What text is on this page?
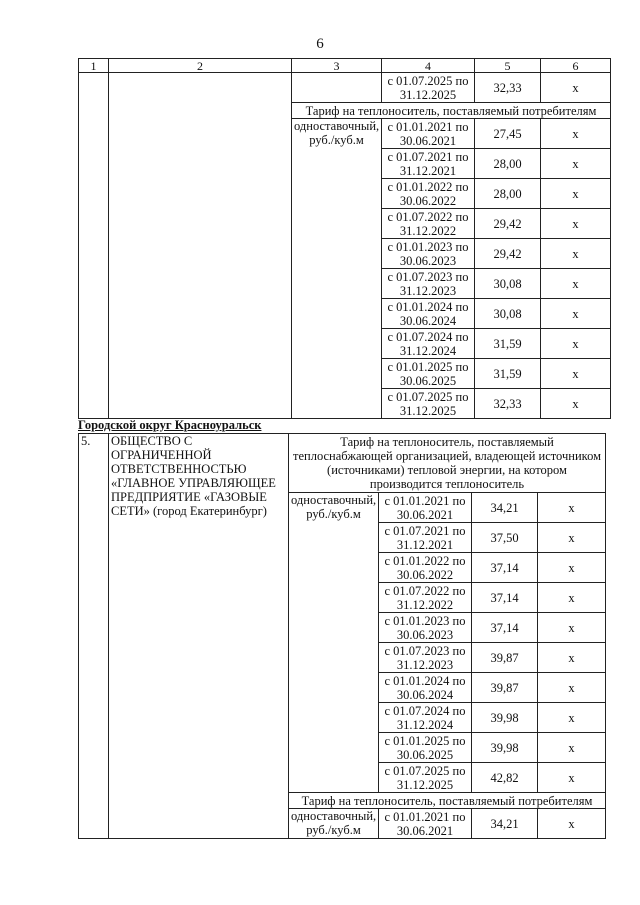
6
1	2	3	4	5	6
			с 01.07.2025 по 31.12.2025	32,33	х
		Тариф на теплоноситель, поставляемый потребителям			
		одноставочный, руб./куб.м	с 01.01.2021 по 30.06.2021	27,45	х
			с 01.07.2021 по 31.12.2021	28,00	х
			с 01.01.2022 по 30.06.2022	28,00	х
			с 01.07.2022 по 31.12.2022	29,42	х
			с 01.01.2023 по 30.06.2023	29,42	х
			с 01.07.2023 по 31.12.2023	30,08	х
			с 01.01.2024 по 30.06.2024	30,08	х
			с 01.07.2024 по 31.12.2024	31,59	х
			с 01.01.2025 по 30.06.2025	31,59	х
			с 01.07.2025 по 31.12.2025	32,33	х
Городской округ Красноуральск
5.	ОБЩЕСТВО С ОГРАНИЧЕННОЙ ОТВЕТСТВЕННОСТЬЮ «ГЛАВНОЕ УПРАВЛЯЮЩЕЕ ПРЕДПРИЯТИЕ «ГАЗОВЫЕ СЕТИ» (город Екатеринбург)	Тариф на теплоноситель, поставляемый теплоснабжающей организацией, владеющей источником (источниками) тепловой энергии, на котором производится теплоноситель			
		одноставочный, руб./куб.м	с 01.01.2021 по 30.06.2021	34,21	х
			с 01.07.2021 по 31.12.2021	37,50	х
			с 01.01.2022 по 30.06.2022	37,14	х
			с 01.07.2022 по 31.12.2022	37,14	х
			с 01.01.2023 по 30.06.2023	37,14	х
			с 01.07.2023 по 31.12.2023	39,87	х
			с 01.01.2024 по 30.06.2024	39,87	х
			с 01.07.2024 по 31.12.2024	39,98	х
			с 01.01.2025 по 30.06.2025	39,98	х
			с 01.07.2025 по 31.12.2025	42,82	х
		Тариф на теплоноситель, поставляемый потребителям			
		одноставочный, руб./куб.м	с 01.01.2021 по 30.06.2021	34,21	х
